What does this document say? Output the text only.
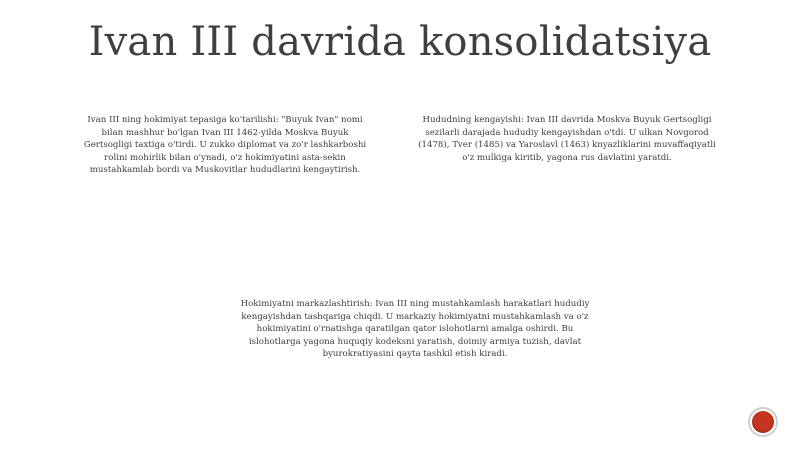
Ivan III davrida konsolidatsiya
Ivan III ning hokimiyat tepasiga ko'tarilishi: "Buyuk Ivan" nomi bilan mashhur bo'lgan Ivan III 1462-yilda Moskva Buyuk Gertsogligi taxtiga o'tirdi. U zukko diplomat va zo'r lashkarboshi rolini mohirlik bilan o'ynadi, o'z hokimiyatini asta-sekin mustahkamlab bordi va Muskovitlar hududlarini kengaytirish.
Hududning kengayishi: Ivan III davrida Moskva Buyuk Gertsogligi sezilarli darajada hududiy kengayishdan o'tdi. U ulkan Novgorod (1478), Tver (1485) va Yaroslavl (1463) knyazliklarini muvaffaqiyatli o'z mulkiga kiritib, yagona rus davlatini yaratdi.
Hokimiyatni markazlashtirish: Ivan III ning mustahkamlash harakatlari hududiy kengayishdan tashqariga chiqdi. U markaziy hokimiyatni mustahkamlash va o'z hokimiyatini o'rnatishga qaratilgan qator islohotlarni amalga oshirdi. Bu islohotlarga yagona huquqiy kodeksni yaratish, doimiy armiya tuzish, davlat byurokratiyasini qayta tashkil etish kiradi.
